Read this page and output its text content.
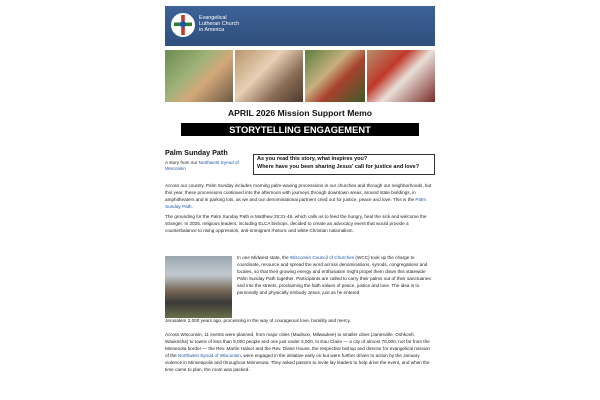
Evangelical
Lutheran Church
in America
APRIL 2026 Mission Support Memo
STORYTELLING ENGAGEMENT
Palm Sunday Path
A story from our Northwest Synod of Wisconsin
As you read this story, what inspires you?
Where have you been sharing Jesus' call for justice and love?
Across our country, Palm Sunday includes morning palm-waving processions in our churches and through our neighborhoods, but this year, these processions continued into the afternoon with journeys through downtown areas, around state buildings, in amphitheaters and in parking lots, as we and our denominational partners cried out for justice, peace and love. This is the Palm Sunday Path.
The grounding for the Palm Sunday Path is Matthew 25:31-46, which calls us to feed the hungry, heal the sick and welcome the stranger. In 2025, religious leaders, including ELCA bishops, decided to create an advocacy event that would provide a counterbalance to rising oppression, anti-immigrant rhetoric and white Christian nationalism.
In one Midwest state, the Wisconsin Council of Churches (WCC) took up the charge to coordinate, resource and spread the word across denominations, synods, congregations and locales, so that their growing energy and enthusiasm might propel them down this statewide Palm Sunday Path together. Participants are called to carry their palms out of their sanctuaries and into the streets, proclaiming the faith values of peace, justice and love. The idea is to personally and physically embody Jesus, just as he entered
Jerusalem 2,000 years ago, processing in the way of courageous love, humility and mercy.
Across Wisconsin, 11 events were planned, from major cities (Madison, Milwaukee) to smaller cities (Janesville, Oshkosh, Waukesha) to towns of less than 8,000 people and one just under 3,000. In Eau Claire — a city of almost 75,000, not far from the Minnesota border — the Rev. Martin Halvor and the Rev. Diane House, the respective bishop and director for evangelical mission of the Northwest Synod of Wisconsin, were engaged in the initiative early on but were further driven to action by the January violence in Minneapolis and throughout Minnesota. They asked pastors to invite lay leaders to help drive the event, and when the time came to plan, the room was packed.
